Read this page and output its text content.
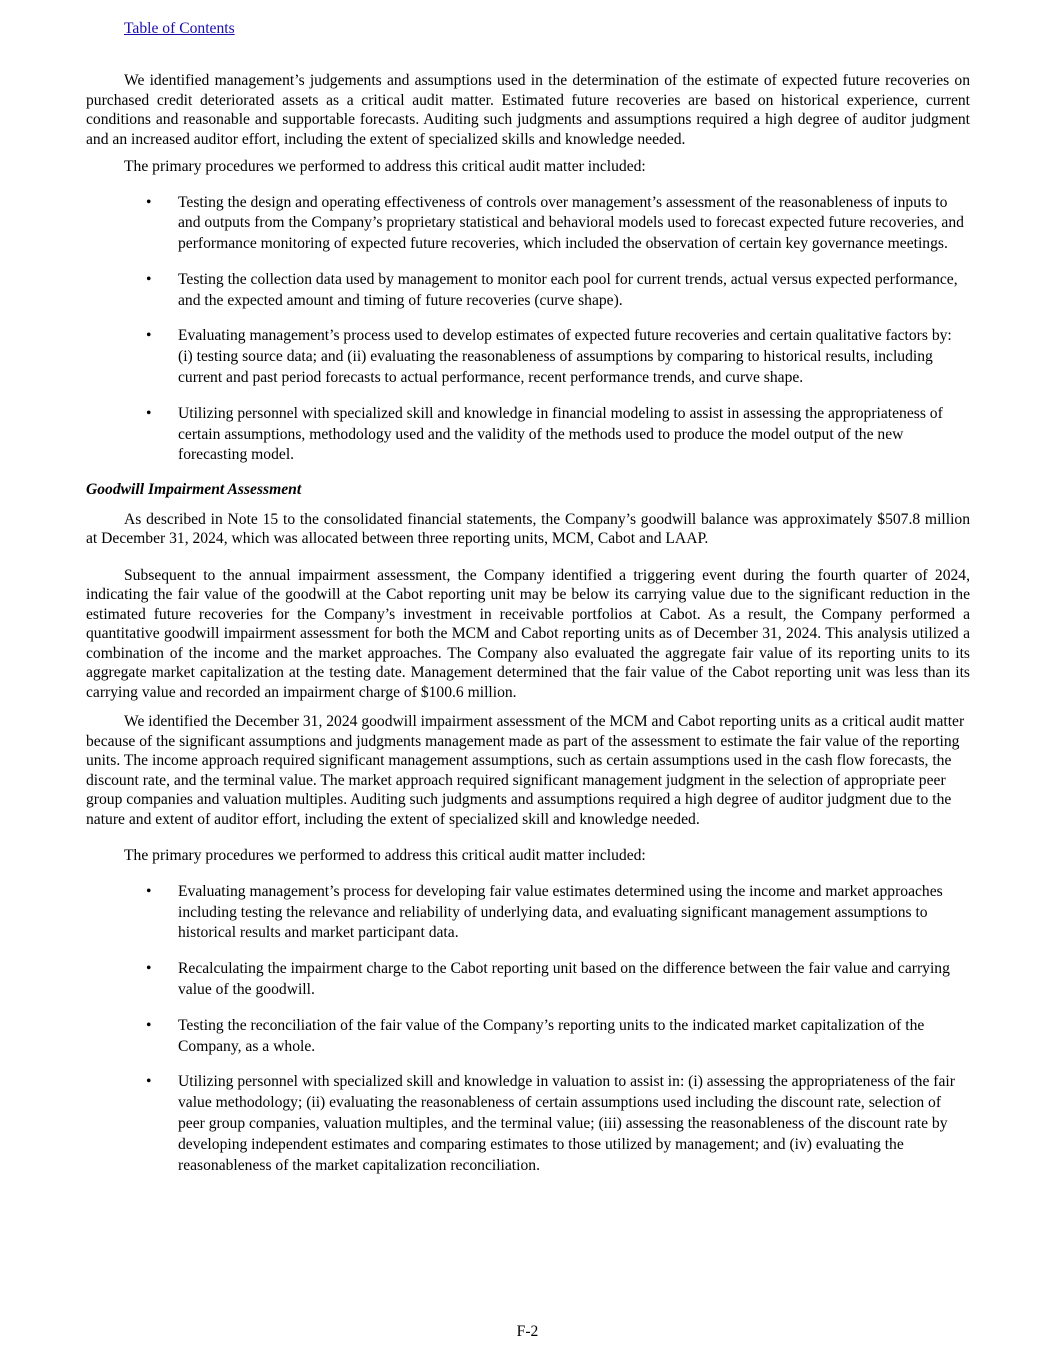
Table of Contents

We identified management’s judgements and assumptions used in the determination of the estimate of expected future recoveries on purchased credit deteriorated assets as a critical audit matter. Estimated future recoveries are based on historical experience, current conditions and reasonable and supportable forecasts. Auditing such judgments and assumptions required a high degree of auditor judgment and an increased auditor effort, including the extent of specialized skills and knowledge needed.

The primary procedures we performed to address this critical audit matter included:

• Testing the design and operating effectiveness of controls over management’s assessment of the reasonableness of inputs to and outputs from the Company’s proprietary statistical and behavioral models used to forecast expected future recoveries, and performance monitoring of expected future recoveries, which included the observation of certain key governance meetings.
• Testing the collection data used by management to monitor each pool for current trends, actual versus expected performance, and the expected amount and timing of future recoveries (curve shape).
• Evaluating management’s process used to develop estimates of expected future recoveries and certain qualitative factors by: (i) testing source data; and (ii) evaluating the reasonableness of assumptions by comparing to historical results, including current and past period forecasts to actual performance, recent performance trends, and curve shape.
• Utilizing personnel with specialized skill and knowledge in financial modeling to assist in assessing the appropriateness of certain assumptions, methodology used and the validity of the methods used to produce the model output of the new forecasting model.

Goodwill Impairment Assessment

As described in Note 15 to the consolidated financial statements, the Company’s goodwill balance was approximately $507.8 million at December 31, 2024, which was allocated between three reporting units, MCM, Cabot and LAAP.

Subsequent to the annual impairment assessment, the Company identified a triggering event during the fourth quarter of 2024, indicating the fair value of the goodwill at the Cabot reporting unit may be below its carrying value due to the significant reduction in the estimated future recoveries for the Company’s investment in receivable portfolios at Cabot. As a result, the Company performed a quantitative goodwill impairment assessment for both the MCM and Cabot reporting units as of December 31, 2024. This analysis utilized a combination of the income and the market approaches. The Company also evaluated the aggregate fair value of its reporting units to its aggregate market capitalization at the testing date. Management determined that the fair value of the Cabot reporting unit was less than its carrying value and recorded an impairment charge of $100.6 million.

We identified the December 31, 2024 goodwill impairment assessment of the MCM and Cabot reporting units as a critical audit matter because of the significant assumptions and judgments management made as part of the assessment to estimate the fair value of the reporting units. The income approach required significant management assumptions, such as certain assumptions used in the cash flow forecasts, the discount rate, and the terminal value. The market approach required significant management judgment in the selection of appropriate peer group companies and valuation multiples. Auditing such judgments and assumptions required a high degree of auditor judgment due to the nature and extent of auditor effort, including the extent of specialized skill and knowledge needed.

The primary procedures we performed to address this critical audit matter included:

• Evaluating management’s process for developing fair value estimates determined using the income and market approaches including testing the relevance and reliability of underlying data, and evaluating significant management assumptions to historical results and market participant data.
• Recalculating the impairment charge to the Cabot reporting unit based on the difference between the fair value and carrying value of the goodwill.
• Testing the reconciliation of the fair value of the Company’s reporting units to the indicated market capitalization of the Company, as a whole.
• Utilizing personnel with specialized skill and knowledge in valuation to assist in: (i) assessing the appropriateness of the fair value methodology; (ii) evaluating the reasonableness of certain assumptions used including the discount rate, selection of peer group companies, valuation multiples, and the terminal value; (iii) assessing the reasonableness of the discount rate by developing independent estimates and comparing estimates to those utilized by management; and (iv) evaluating the reasonableness of the market capitalization reconciliation.
F-2
